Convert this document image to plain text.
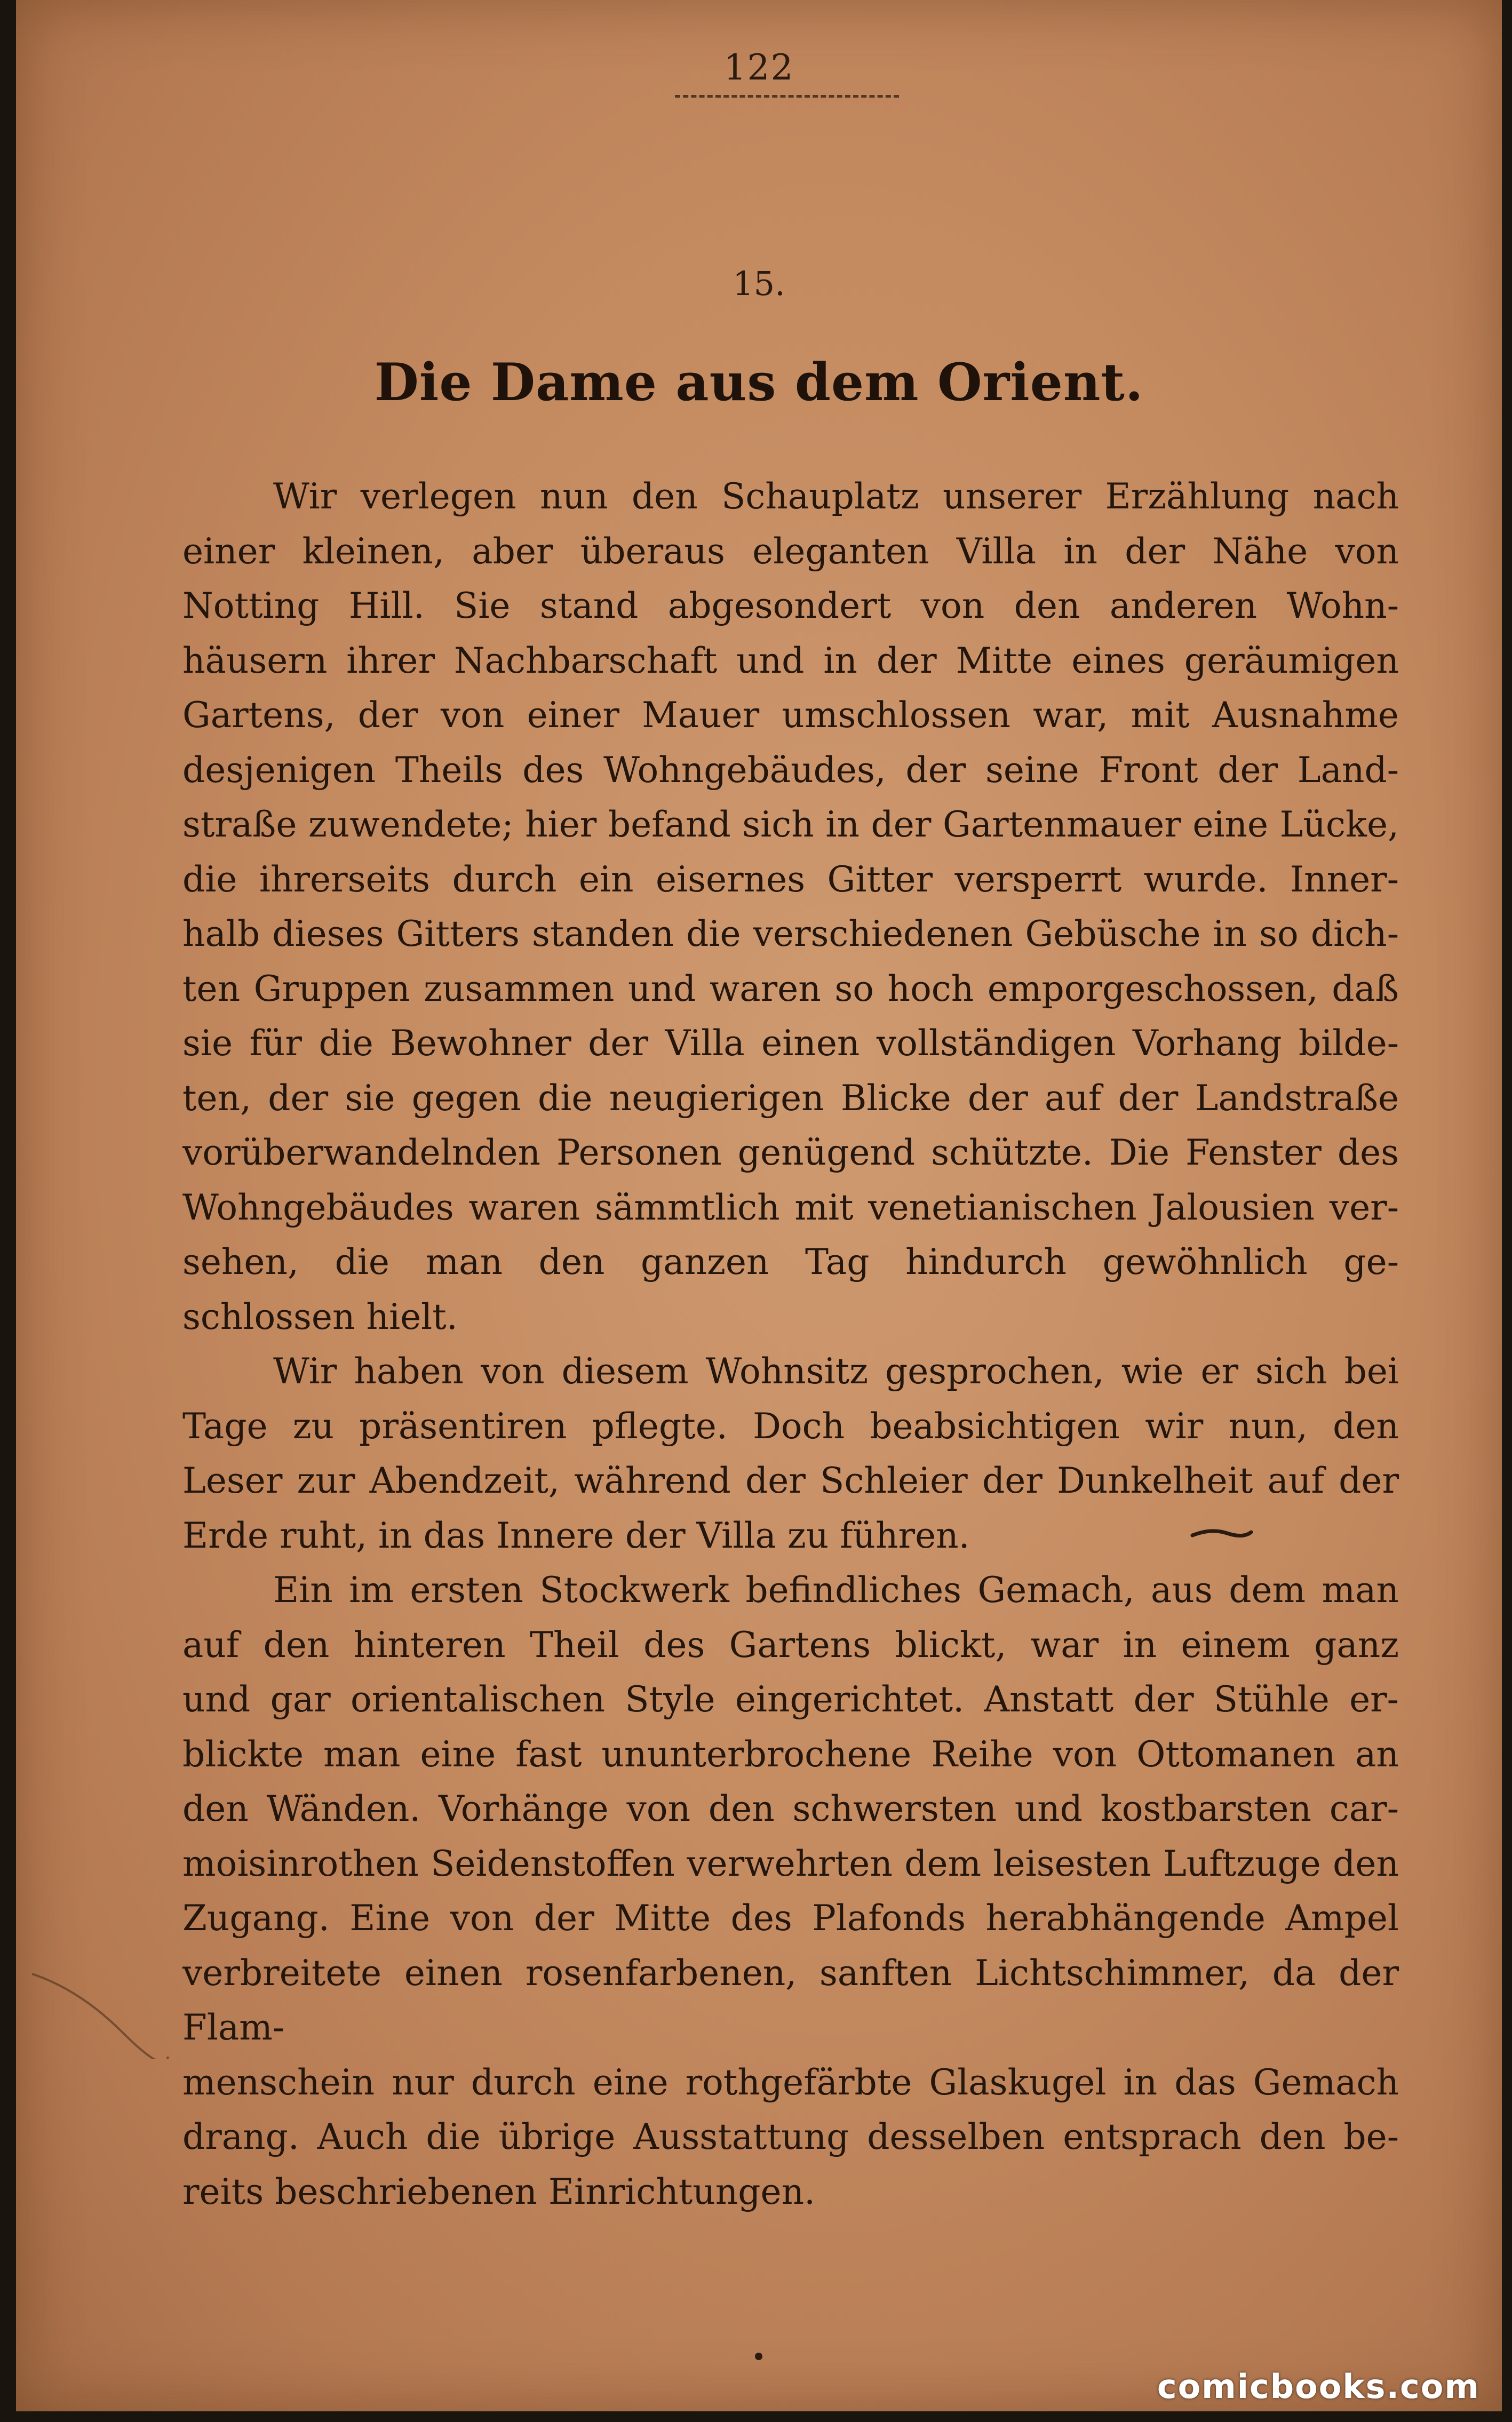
122
15.
Die Dame aus dem Orient.

Wir verlegen nun den Schauplatz unserer Erzählung nach
einer kleinen, aber überaus eleganten Villa in der Nähe von
Notting Hill. Sie stand abgesondert von den anderen Wohn-
häusern ihrer Nachbarschaft und in der Mitte eines geräumigen
Gartens, der von einer Mauer umschlossen war, mit Ausnahme
desjenigen Theils des Wohngebäudes, der seine Front der Land-
straße zuwendete; hier befand sich in der Gartenmauer eine Lücke,
die ihrerseits durch ein eisernes Gitter versperrt wurde. Inner-
halb dieses Gitters standen die verschiedenen Gebüsche in so dich-
ten Gruppen zusammen und waren so hoch emporgeschossen, daß
sie für die Bewohner der Villa einen vollständigen Vorhang bilde-
ten, der sie gegen die neugierigen Blicke der auf der Landstraße
vorüberwandelnden Personen genügend schützte. Die Fenster des
Wohngebäudes waren sämmtlich mit venetianischen Jalousien ver-
sehen, die man den ganzen Tag hindurch gewöhnlich ge-
schlossen hielt.

Wir haben von diesem Wohnsitz gesprochen, wie er sich bei
Tage zu präsentiren pflegte. Doch beabsichtigen wir nun, den
Leser zur Abendzeit, während der Schleier der Dunkelheit auf der
Erde ruht, in das Innere der Villa zu führen.

Ein im ersten Stockwerk befindliches Gemach, aus dem man
auf den hinteren Theil des Gartens blickt, war in einem ganz
und gar orientalischen Style eingerichtet. Anstatt der Stühle er-
blickte man eine fast ununterbrochene Reihe von Ottomanen an
den Wänden. Vorhänge von den schwersten und kostbarsten car-
moisinrothen Seidenstoffen verwehrten dem leisesten Luftzuge den
Zugang. Eine von der Mitte des Plafonds herabhängende Ampel
verbreitete einen rosenfarbenen, sanften Lichtschimmer, da der Flam-
menschein nur durch eine rothgefärbte Glaskugel in das Gemach
drang. Auch die übrige Ausstattung desselben entsprach den be-
reits beschriebenen Einrichtungen.

comicbooks.com
